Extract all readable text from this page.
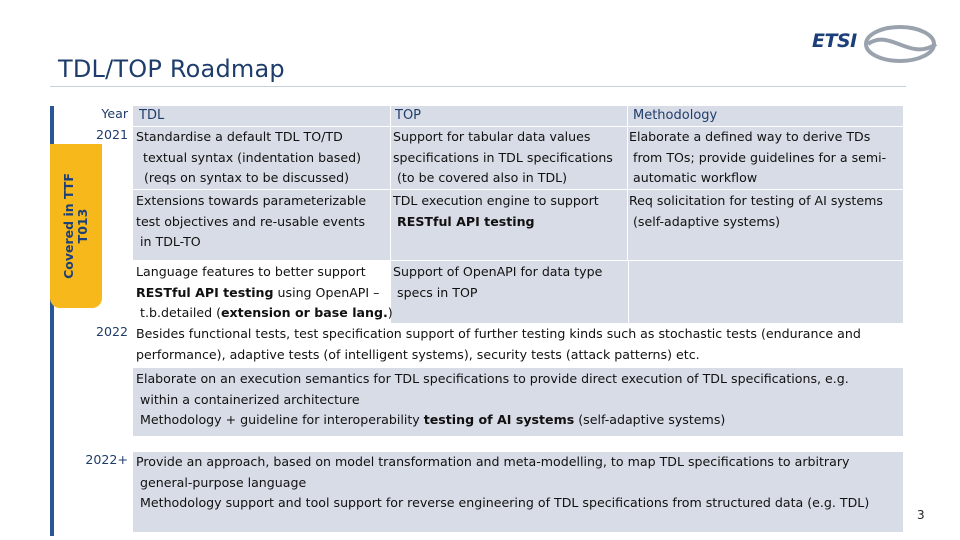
TDL/TOP Roadmap
ETSI
Covered in TTF
T013
Year TDL	TOP	Methodology
2021 Standardise a default TDL TO/TD
textual syntax (indentation based)
(reqs on syntax to be discussed)
Support for tabular data values
specifications in TDL specifications
(to be covered also in TDL)
Elaborate a defined way to derive TDs
from TOs; provide guidelines for a semi-
automatic workflow
Extensions towards parameterizable
test objectives and re-usable events
in TDL-TO
TDL execution engine to support
RESTful API testing
Req solicitation for testing of AI systems
(self-adaptive systems)
Language features to better support
RESTful API testing using OpenAPI –
t.b.detailed (extension or base lang.)
Support of OpenAPI for data type
specs in TOP
2022 Besides functional tests, test specification support of further testing kinds such as stochastic tests (endurance and
performance), adaptive tests (of intelligent systems), security tests (attack patterns) etc.
Elaborate on an execution semantics for TDL specifications to provide direct execution of TDL specifications, e.g.
within a containerized architecture
Methodology + guideline for interoperability testing of AI systems (self-adaptive systems)
2022+ Provide an approach, based on model transformation and meta-modelling, to map TDL specifications to arbitrary
general-purpose language
Methodology support and tool support for reverse engineering of TDL specifications from structured data (e.g. TDL)
3
